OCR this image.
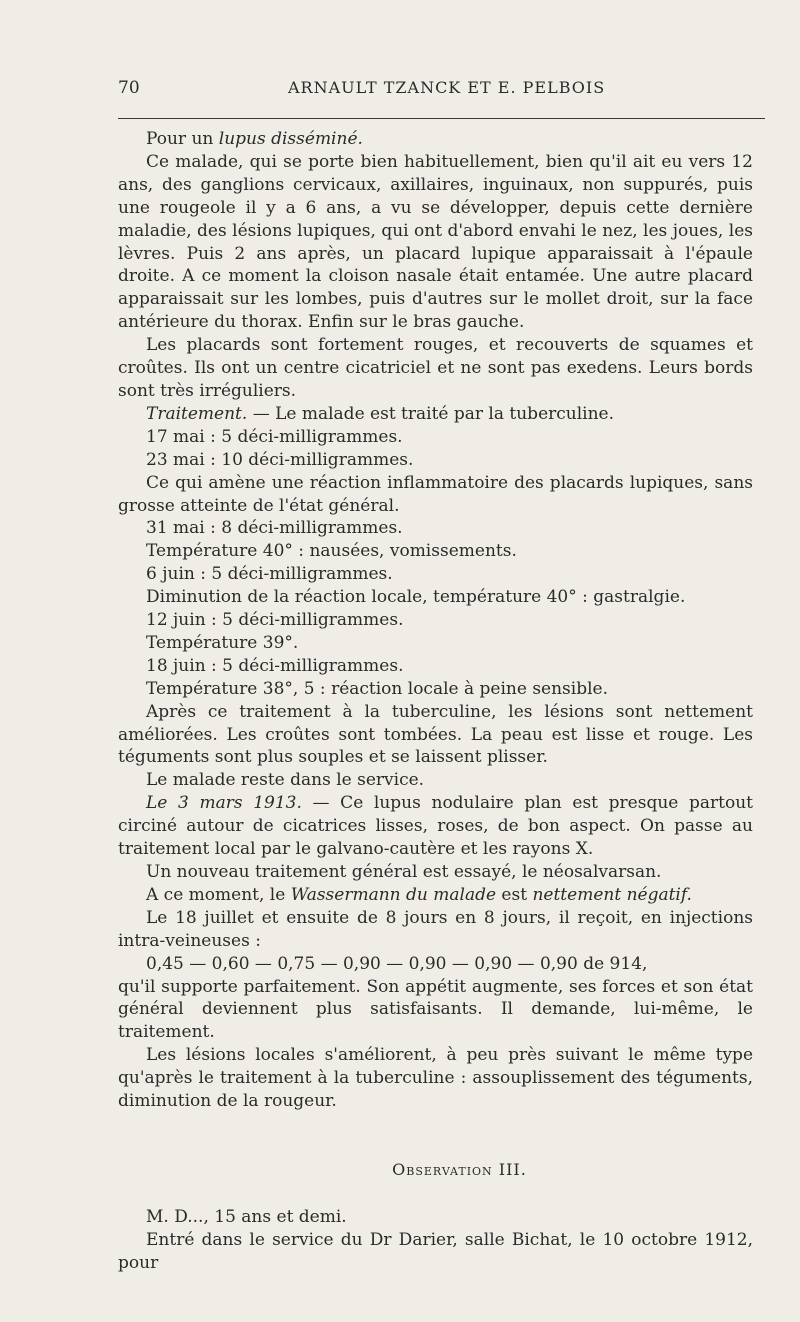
70	ARNAULT TZANCK ET E. PELBOIS

Pour un lupus disséminé.

Ce malade, qui se porte bien habituellement, bien qu'il ait eu vers 12 ans, des ganglions cervicaux, axillaires, inguinaux, non suppurés, puis une rougeole il y a 6 ans, a vu se développer, depuis cette dernière maladie, des lésions lupiques, qui ont d'abord envahi le nez, les joues, les lèvres. Puis 2 ans après, un placard lupique apparaissait à l'épaule droite. A ce moment la cloison nasale était entamée. Une autre placard apparaissait sur les lombes, puis d'autres sur le mollet droit, sur la face antérieure du thorax. Enfin sur le bras gauche.

Les placards sont fortement rouges, et recouverts de squames et croûtes. Ils ont un centre cicatriciel et ne sont pas exedens. Leurs bords sont très irréguliers.

Traitement. — Le malade est traité par la tuberculine.

17 mai : 5 déci-milligrammes.

23 mai : 10 déci-milligrammes.

Ce qui amène une réaction inflammatoire des placards lupiques, sans grosse atteinte de l'état général.

31 mai : 8 déci-milligrammes.

Température 40° : nausées, vomissements.

6 juin : 5 déci-milligrammes.

Diminution de la réaction locale, température 40° : gastralgie.

12 juin : 5 déci-milligrammes.

Température 39°.

18 juin : 5 déci-milligrammes.

Température 38°, 5 : réaction locale à peine sensible.

Après ce traitement à la tuberculine, les lésions sont nettement améliorées. Les croûtes sont tombées. La peau est lisse et rouge. Les téguments sont plus souples et se laissent plisser.

Le malade reste dans le service.

Le 3 mars 1913. — Ce lupus nodulaire plan est presque partout circiné autour de cicatrices lisses, roses, de bon aspect. On passe au traitement local par le galvano-cautère et les rayons X.

Un nouveau traitement général est essayé, le néosalvarsan.

A ce moment, le Wassermann du malade est nettement négatif.

Le 18 juillet et ensuite de 8 jours en 8 jours, il reçoit, en injections intra-veineuses :

0,45 — 0,60 — 0,75 — 0,90 — 0,90 — 0,90 — 0,90 de 914,

qu'il supporte parfaitement. Son appétit augmente, ses forces et son état général deviennent plus satisfaisants. Il demande, lui-même, le traitement.

Les lésions locales s'améliorent, à peu près suivant le même type qu'après le traitement à la tuberculine : assouplissement des téguments, diminution de la rougeur.

Observation III.

M. D..., 15 ans et demi.

Entré dans le service du Dr Darier, salle Bichat, le 10 octobre 1912, pour
